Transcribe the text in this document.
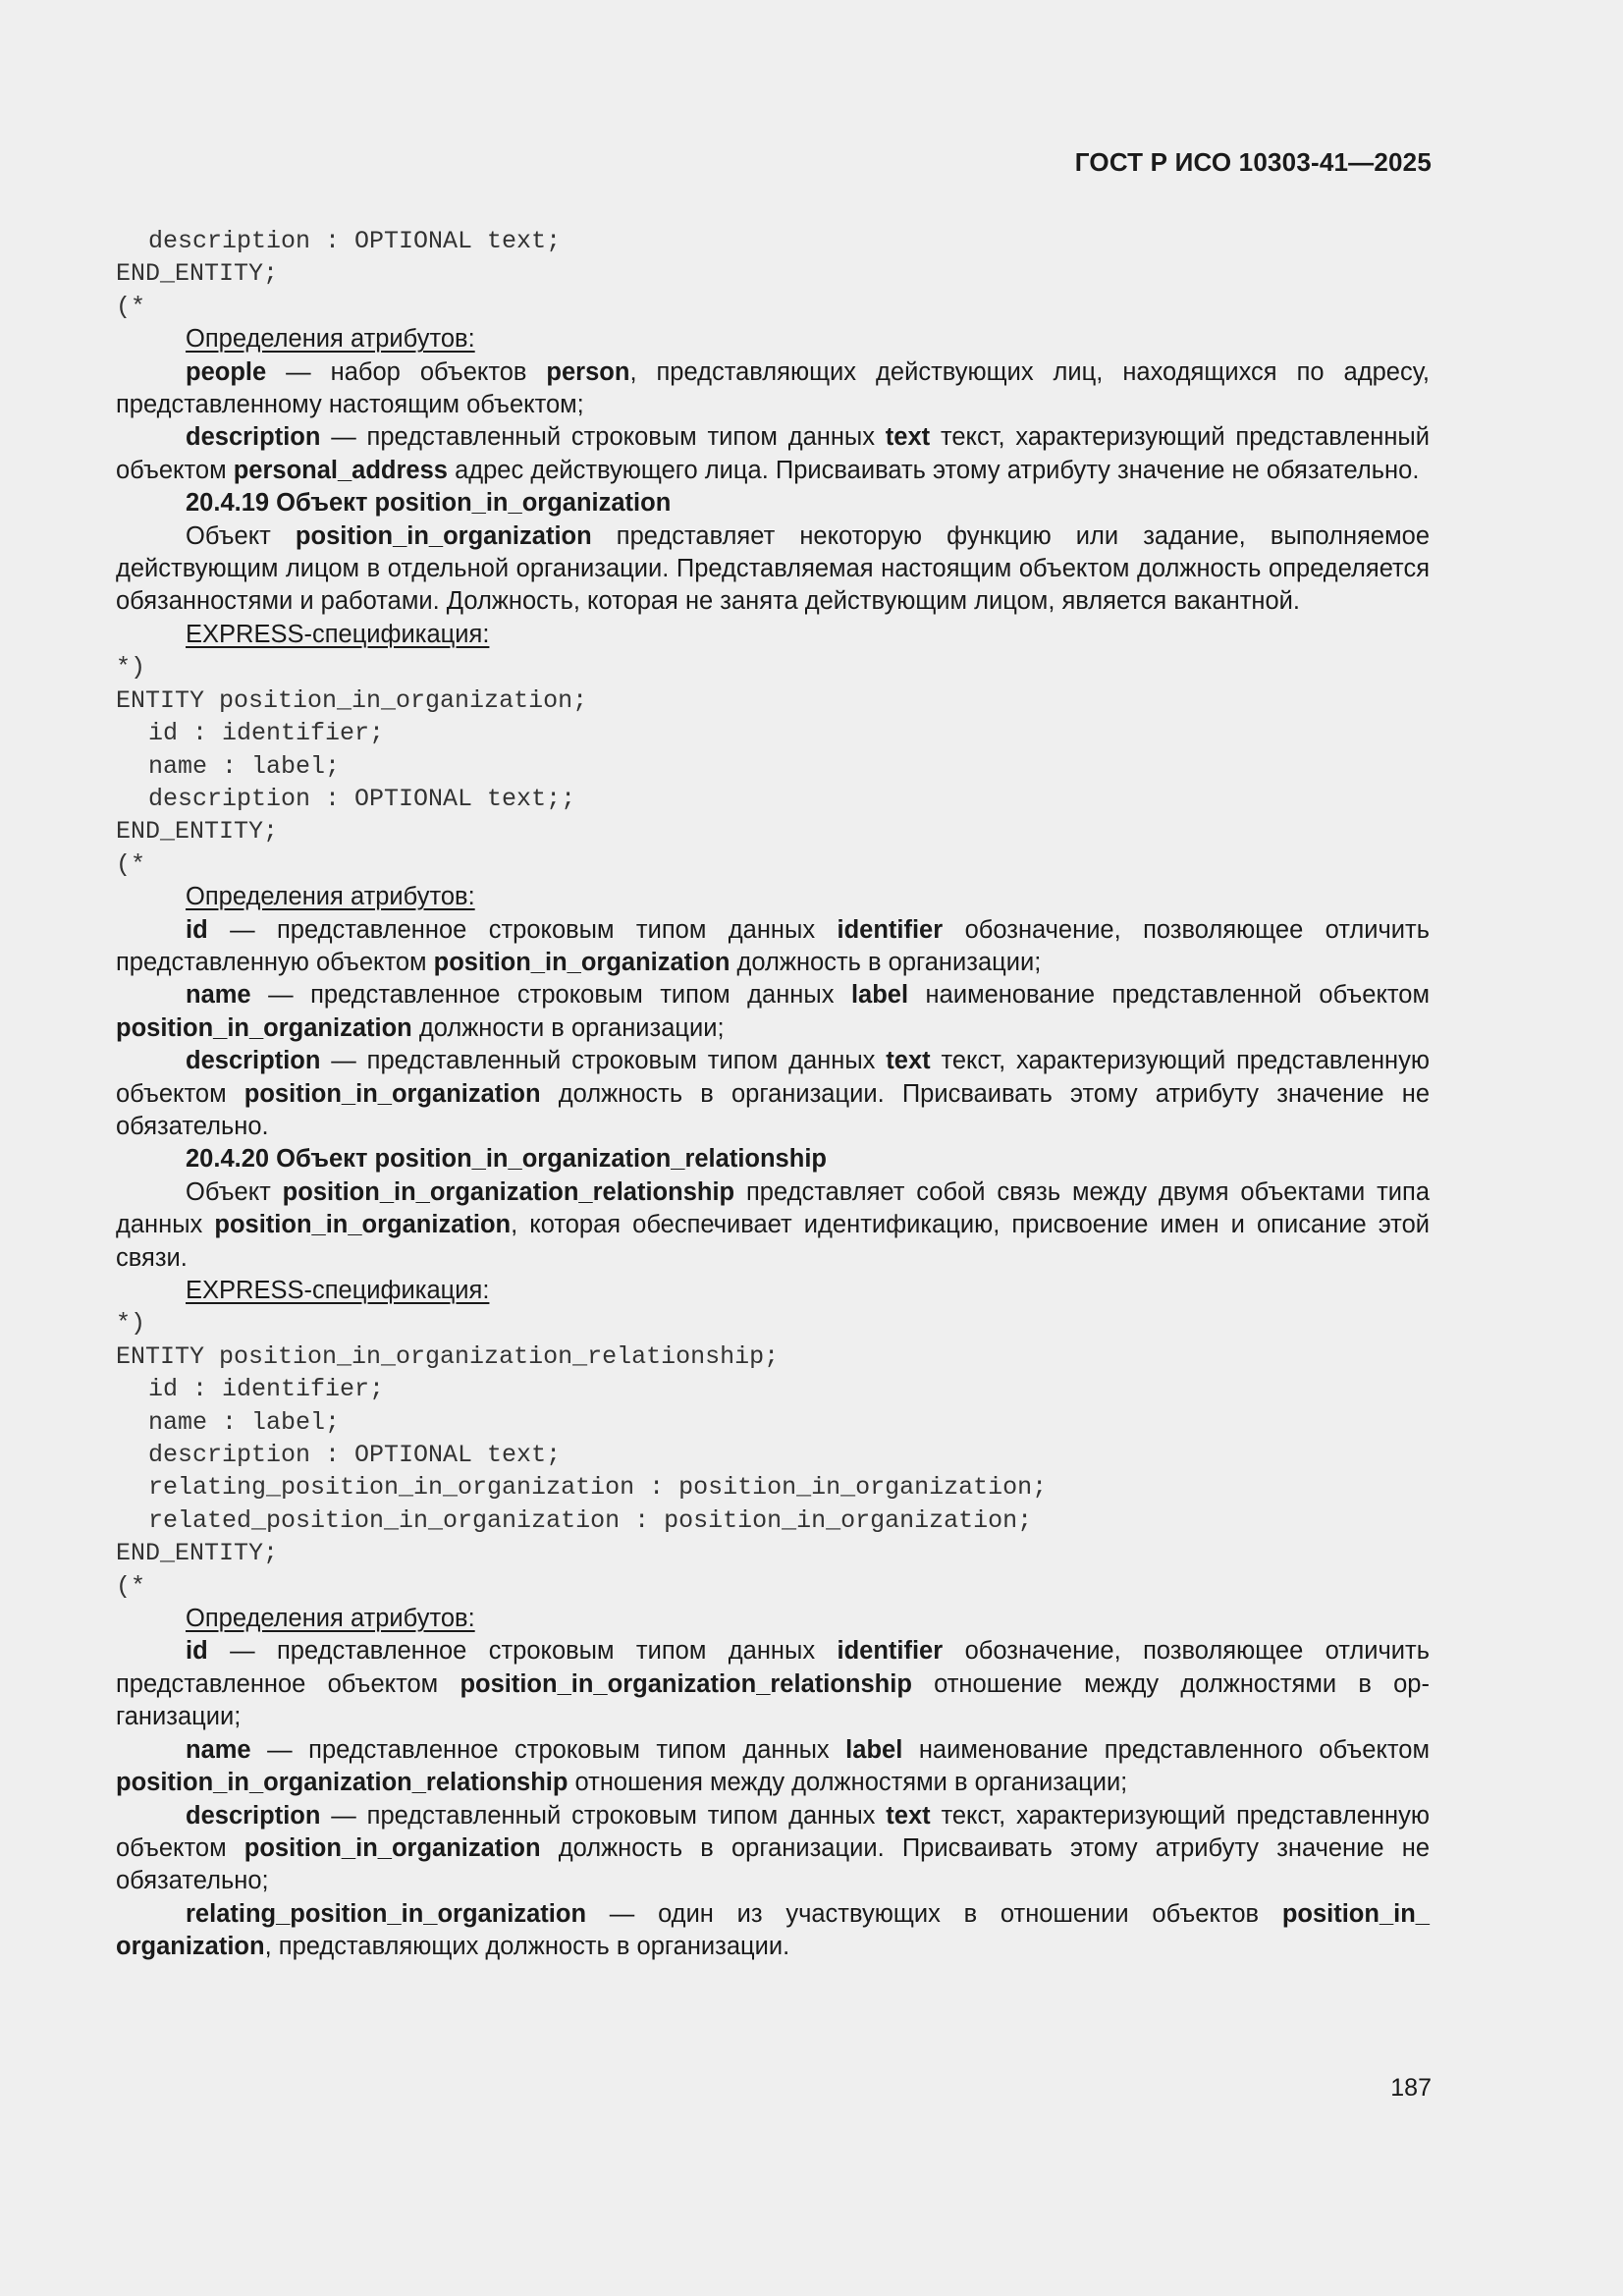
ГОСТ Р ИСО 10303-41—2025
description : OPTIONAL text;
END_ENTITY;
(*

Определения атрибутов:

people — набор объектов person, представляющих действующих лиц, находящихся по адресу, представленному настоящим объектом;

description — представленный строковым типом данных text текст, характеризующий представленный объектом personal_address адрес действующего лица. Присваивать этому атрибуту значение не обязательно.

20.4.19 Объект position_in_organization

Объект position_in_organization представляет некоторую функцию или задание, выполняемое действующим лицом в отдельной организации. Представляемая настоящим объектом должность определяется обязанностями и работами. Должность, которая не занята действующим лицом, является вакантной.

EXPRESS-спецификация:

*)
ENTITY position_in_organization;
id : identifier;
name : label;
description : OPTIONAL text;;
END_ENTITY;
(*

Определения атрибутов:

id — представленное строковым типом данных identifier обозначение, позволяющее отличить представленную объектом position_in_organization должность в организации;

name — представленное строковым типом данных label наименование представленной объектом position_in_organization должности в организации;

description — представленный строковым типом данных text текст, характеризующий представленную объектом position_in_organization должность в организации. Присваивать этому атрибуту значение не обязательно.

20.4.20 Объект position_in_organization_relationship

Объект position_in_organization_relationship представляет собой связь между двумя объектами типа данных position_in_organization, которая обеспечивает идентификацию, присвоение имен и описание этой связи.

EXPRESS-спецификация:

*)
ENTITY position_in_organization_relationship;
id : identifier;
name : label;
description : OPTIONAL text;
relating_position_in_organization : position_in_organization;
related_position_in_organization : position_in_organization;
END_ENTITY;
(*

Определения атрибутов:

id — представленное строковым типом данных identifier обозначение, позволяющее отличить представленное объектом position_in_organization_relationship отношение между должностями в организации;

name — представленное строковым типом данных label наименование представленного объектом position_in_organization_relationship отношения между должностями в организации;

description — представленный строковым типом данных text текст, характеризующий представленную объектом position_in_organization должность в организации. Присваивать этому атрибуту значение не обязательно;

relating_position_in_organization — один из участвующих в отношении объектов position_in_ organization, представляющих должность в организации.

187
